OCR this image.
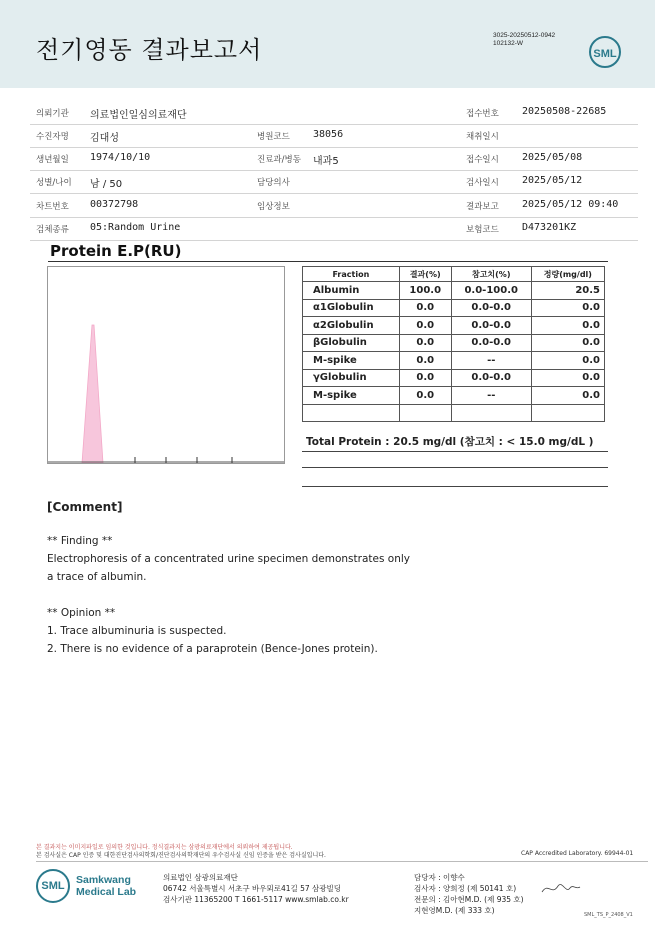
전기영동 결과보고서
3025-20250512-0942
102132-W
SML
의뢰기관 의료법인일심의료재단	접수번호 20250508-22685
수진자명 김대성	병원코드 38056	채취일시
생년월일 1974/10/10	진료과/병동 내과5	접수일시 2025/05/08
성별/나이 남 / 50	담당의사	검사일시 2025/05/12
차트번호 00372798	임상정보	결과보고 2025/05/12 09:40
검체종류 05:Random Urine	보험코드 D473201KZ
Protein E.P(RU)
Fraction	결과(%)	참고치(%)	정량(mg/dl)
Albumin	100.0	0.0-100.0	20.5
α1Globulin	0.0	0.0-0.0	0.0
α2Globulin	0.0	0.0-0.0	0.0
βGlobulin	0.0	0.0-0.0	0.0
M-spike	0.0	--	0.0
γGlobulin	0.0	0.0-0.0	0.0
M-spike	0.0	--	0.0

Total Protein : 20.5 mg/dl (참고치 : < 15.0 mg/dL )
[Comment]
** Finding **
Electrophoresis of a concentrated urine specimen demonstrates only
a trace of albumin.
** Opinion **
1. Trace albuminuria is suspected.
2. There is no evidence of a paraprotein (Bence-Jones protein).
본 결과지는 이미지파일로 임의한 것입니다. 정식결과지는 삼광의료재단에서 의뢰하여 제공됩니다.
본 검사실은 CAP 인증 및 대한진단검사의학회/진단검사의학재단의 우수검사실 신임 인증을 받은 검사실입니다.	CAP Accredited Laboratory. 69944-01
SML	Samkwang
Medical Lab
의료법인 삼광의료재단
06742 서울특별시 서초구 바우뫼로41길 57 삼광빌딩
검사기관 11365200 T 1661-5117 www.smlab.co.kr
담당자 : 이향수
검사자 : 양희정 (제 50141 호)
전문의 : 김아현M.D. (제 935 호)
지현영M.D. (제 333 호)	SML_TS_P_2408_V1
